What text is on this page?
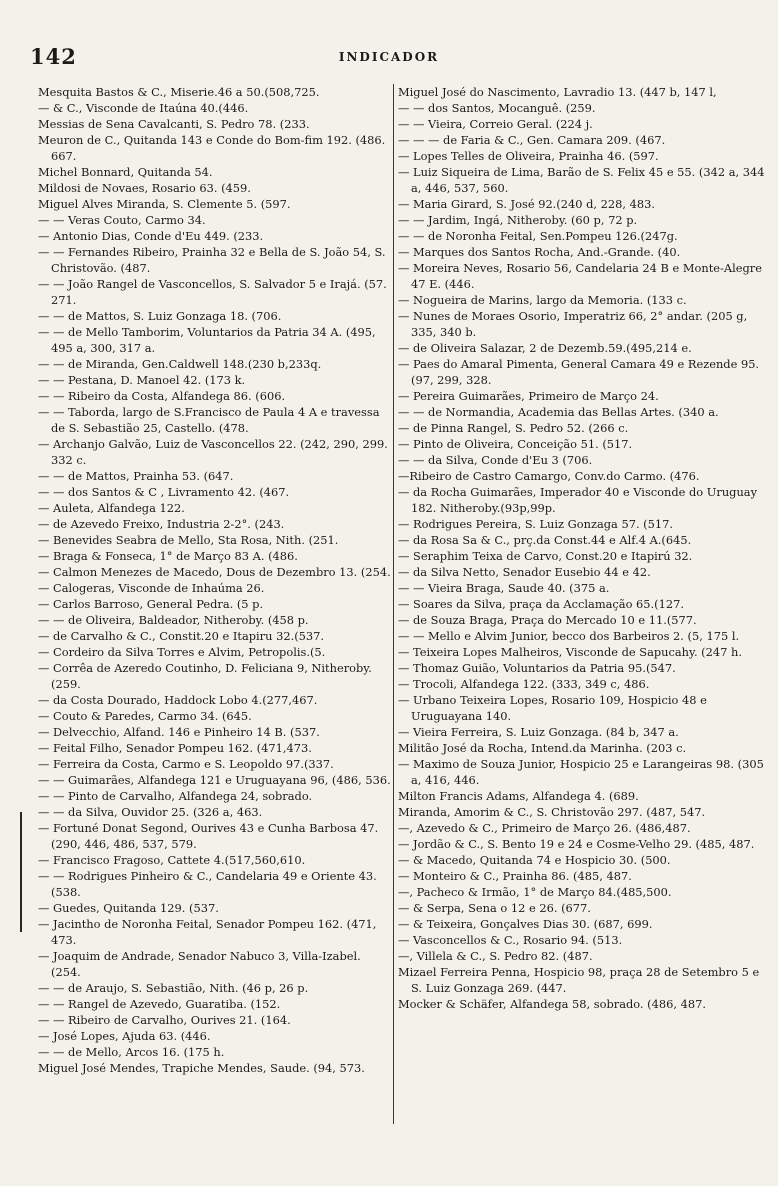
142	INDICADOR
Mesquita Bastos & C., Miserie.46 a 50.(508,725.
— & C., Visconde de Itaúna 40.(446.
Messias de Sena Cavalcanti, S. Pedro 78. (233.
Meuron de C., Quitanda 143 e Conde do Bom-fim 192. (486. 667.
Michel Bonnard, Quitanda 54.
Mildosi de Novaes, Rosario 63. (459.
Miguel Alves Miranda, S. Clemente 5. (597.
— — Veras Couto, Carmo 34.
— Antonio Dias, Conde d'Eu 449. (233.
— — Fernandes Ribeiro, Prainha 32 e Bella de S. João 54, S. Christovão. (487.
— — João Rangel de Vasconcellos, S. Salvador 5 e Irajá. (57. 271.
— — de Mattos, S. Luiz Gonzaga 18. (706.
— — de Mello Tamborim, Voluntarios da Patria 34 A. (495, 495 a, 300, 317 a.
— — de Miranda, Gen.Caldwell 148.(230 b,233q.
— — Pestana, D. Manoel 42. (173 k.
— — Ribeiro da Costa, Alfandega 86. (606.
— — Taborda, largo de S.Francisco de Paula 4 A e travessa de S. Sebastião 25, Castello. (478.
— Archanjo Galvão, Luiz de Vasconcellos 22. (242, 290, 299. 332 c.
— — de Mattos, Prainha 53. (647.
— — dos Santos & C , Livramento 42. (467.
— Auleta, Alfandega 122.
— de Azevedo Freixo, Industria 2-2°. (243.
— Benevides Seabra de Mello, Sta Rosa, Nith. (251.
— Braga & Fonseca, 1° de Março 83 A. (486.
— Calmon Menezes de Macedo, Dous de Dezembro 13. (254.
— Calogeras, Visconde de Inhaúma 26.
— Carlos Barroso, General Pedra. (5 p.
— — de Oliveira, Baldeador, Nitheroby. (458 p.
— de Carvalho & C., Constit.20 e Itapiru 32.(537.
— Cordeiro da Silva Torres e Alvim, Petropolis.(5.
— Corrêa de Azeredo Coutinho, D. Feliciana 9, Nitheroby. (259.
— da Costa Dourado, Haddock Lobo 4.(277,467.
— Couto & Paredes, Carmo 34. (645.
— Delvecchio, Alfand. 146 e Pinheiro 14 B. (537.
— Feital Filho, Senador Pompeu 162. (471,473.
— Ferreira da Costa, Carmo e S. Leopoldo 97.(337.
— — Guimarães, Alfandega 121 e Uruguayana 96, (486, 536.
— — Pinto de Carvalho, Alfandega 24, sobrado.
— — da Silva, Ouvidor 25. (326 a, 463.
— Fortuné Donat Segond, Ourives 43 e Cunha Barbosa 47. (290, 446, 486, 537, 579.
— Francisco Fragoso, Cattete 4.(517,560,610.
— — Rodrigues Pinheiro & C., Candelaria 49 e Oriente 43. (538.
— Guedes, Quitanda 129. (537.
— Jacintho de Noronha Feital, Senador Pompeu 162. (471, 473.
— Joaquim de Andrade, Senador Nabuco 3, Villa-Izabel. (254.
— — de Araujo, S. Sebastião, Nith. (46 p, 26 p.
— — Rangel de Azevedo, Guaratiba. (152.
— — Ribeiro de Carvalho, Ourives 21. (164.
— José Lopes, Ajuda 63. (446.
— — de Mello, Arcos 16. (175 h.
Miguel José Mendes, Trapiche Mendes, Saude. (94, 573.
Miguel José do Nascimento, Lavradio 13. (447 b, 147 l,
— — dos Santos, Mocanguê. (259.
— — Vieira, Correio Geral. (224 j.
— — — de Faria & C., Gen. Camara 209. (467.
— Lopes Telles de Oliveira, Prainha 46. (597.
— Luiz Siqueira de Lima, Barão de S. Felix 45 e 55. (342 a, 344 a, 446, 537, 560.
— Maria Girard, S. José 92.(240 d, 228, 483.
— — Jardim, Ingá, Nitheroby. (60 p, 72 p.
— — de Noronha Feital, Sen.Pompeu 126.(247g.
— Marques dos Santos Rocha, And.-Grande. (40.
— Moreira Neves, Rosario 56, Candelaria 24 B e Monte-Alegre 47 E. (446.
— Nogueira de Marins, largo da Memoria. (133 c.
— Nunes de Moraes Osorio, Imperatriz 66, 2° andar. (205 g, 335, 340 b.
— de Oliveira Salazar, 2 de Dezemb.59.(495,214 e.
— Paes do Amaral Pimenta, General Camara 49 e Rezende 95. (97, 299, 328.
— Pereira Guimarães, Primeiro de Março 24.
— — de Normandia, Academia das Bellas Artes. (340 a.
— de Pinna Rangel, S. Pedro 52. (266 c.
— Pinto de Oliveira, Conceição 51. (517.
— — da Silva, Conde d'Eu 3 (706.
—Ribeiro de Castro Camargo, Conv.do Carmo. (476.
— da Rocha Guimarães, Imperador 40 e Visconde do Uruguay 182. Nitheroby.(93p,99p.
— Rodrigues Pereira, S. Luiz Gonzaga 57. (517.
— da Rosa Sa & C., prç.da Const.44 e Alf.4 A.(645.
— Seraphim Teixa de Carvo, Const.20 e Itapirú 32.
— da Silva Netto, Senador Eusebio 44 e 42.
— — Vieira Braga, Saude 40. (375 a.
— Soares da Silva, praça da Acclamação 65.(127.
— de Souza Braga, Praça do Mercado 10 e 11.(577.
— — Mello e Alvim Junior, becco dos Barbeiros 2. (5, 175 l.
— Teixeira Lopes Malheiros, Visconde de Sapucahy. (247 h.
— Thomaz Guião, Voluntarios da Patria 95.(547.
— Trocoli, Alfandega 122. (333, 349 c, 486.
— Urbano Teixeira Lopes, Rosario 109, Hospicio 48 e Uruguayana 140.
— Vieira Ferreira, S. Luiz Gonzaga. (84 b, 347 a.
Militão José da Rocha, Intend.da Marinha. (203 c.
— Maximo de Souza Junior, Hospicio 25 e Larangeiras 98. (305 a, 416, 446.
Milton Francis Adams, Alfandega 4. (689.
Miranda, Amorim & C., S. Christovão 297. (487, 547.
—, Azevedo & C., Primeiro de Março 26. (486,487.
— Jordão & C., S. Bento 19 e 24 e Cosme-Velho 29. (485, 487.
— & Macedo, Quitanda 74 e Hospicio 30. (500.
— Monteiro & C., Prainha 86. (485, 487.
—, Pacheco & Irmão, 1° de Março 84.(485,500.
— & Serpa, Sena o 12 e 26. (677.
— & Teixeira, Gonçalves Dias 30. (687, 699.
— Vasconcellos & C., Rosario 94. (513.
—, Villela & C., S. Pedro 82. (487.
Mizael Ferreira Penna, Hospicio 98, praça 28 de Setembro 5 e S. Luiz Gonzaga 269. (447.
Mocker & Schäfer, Alfandega 58, sobrado. (486, 487.
